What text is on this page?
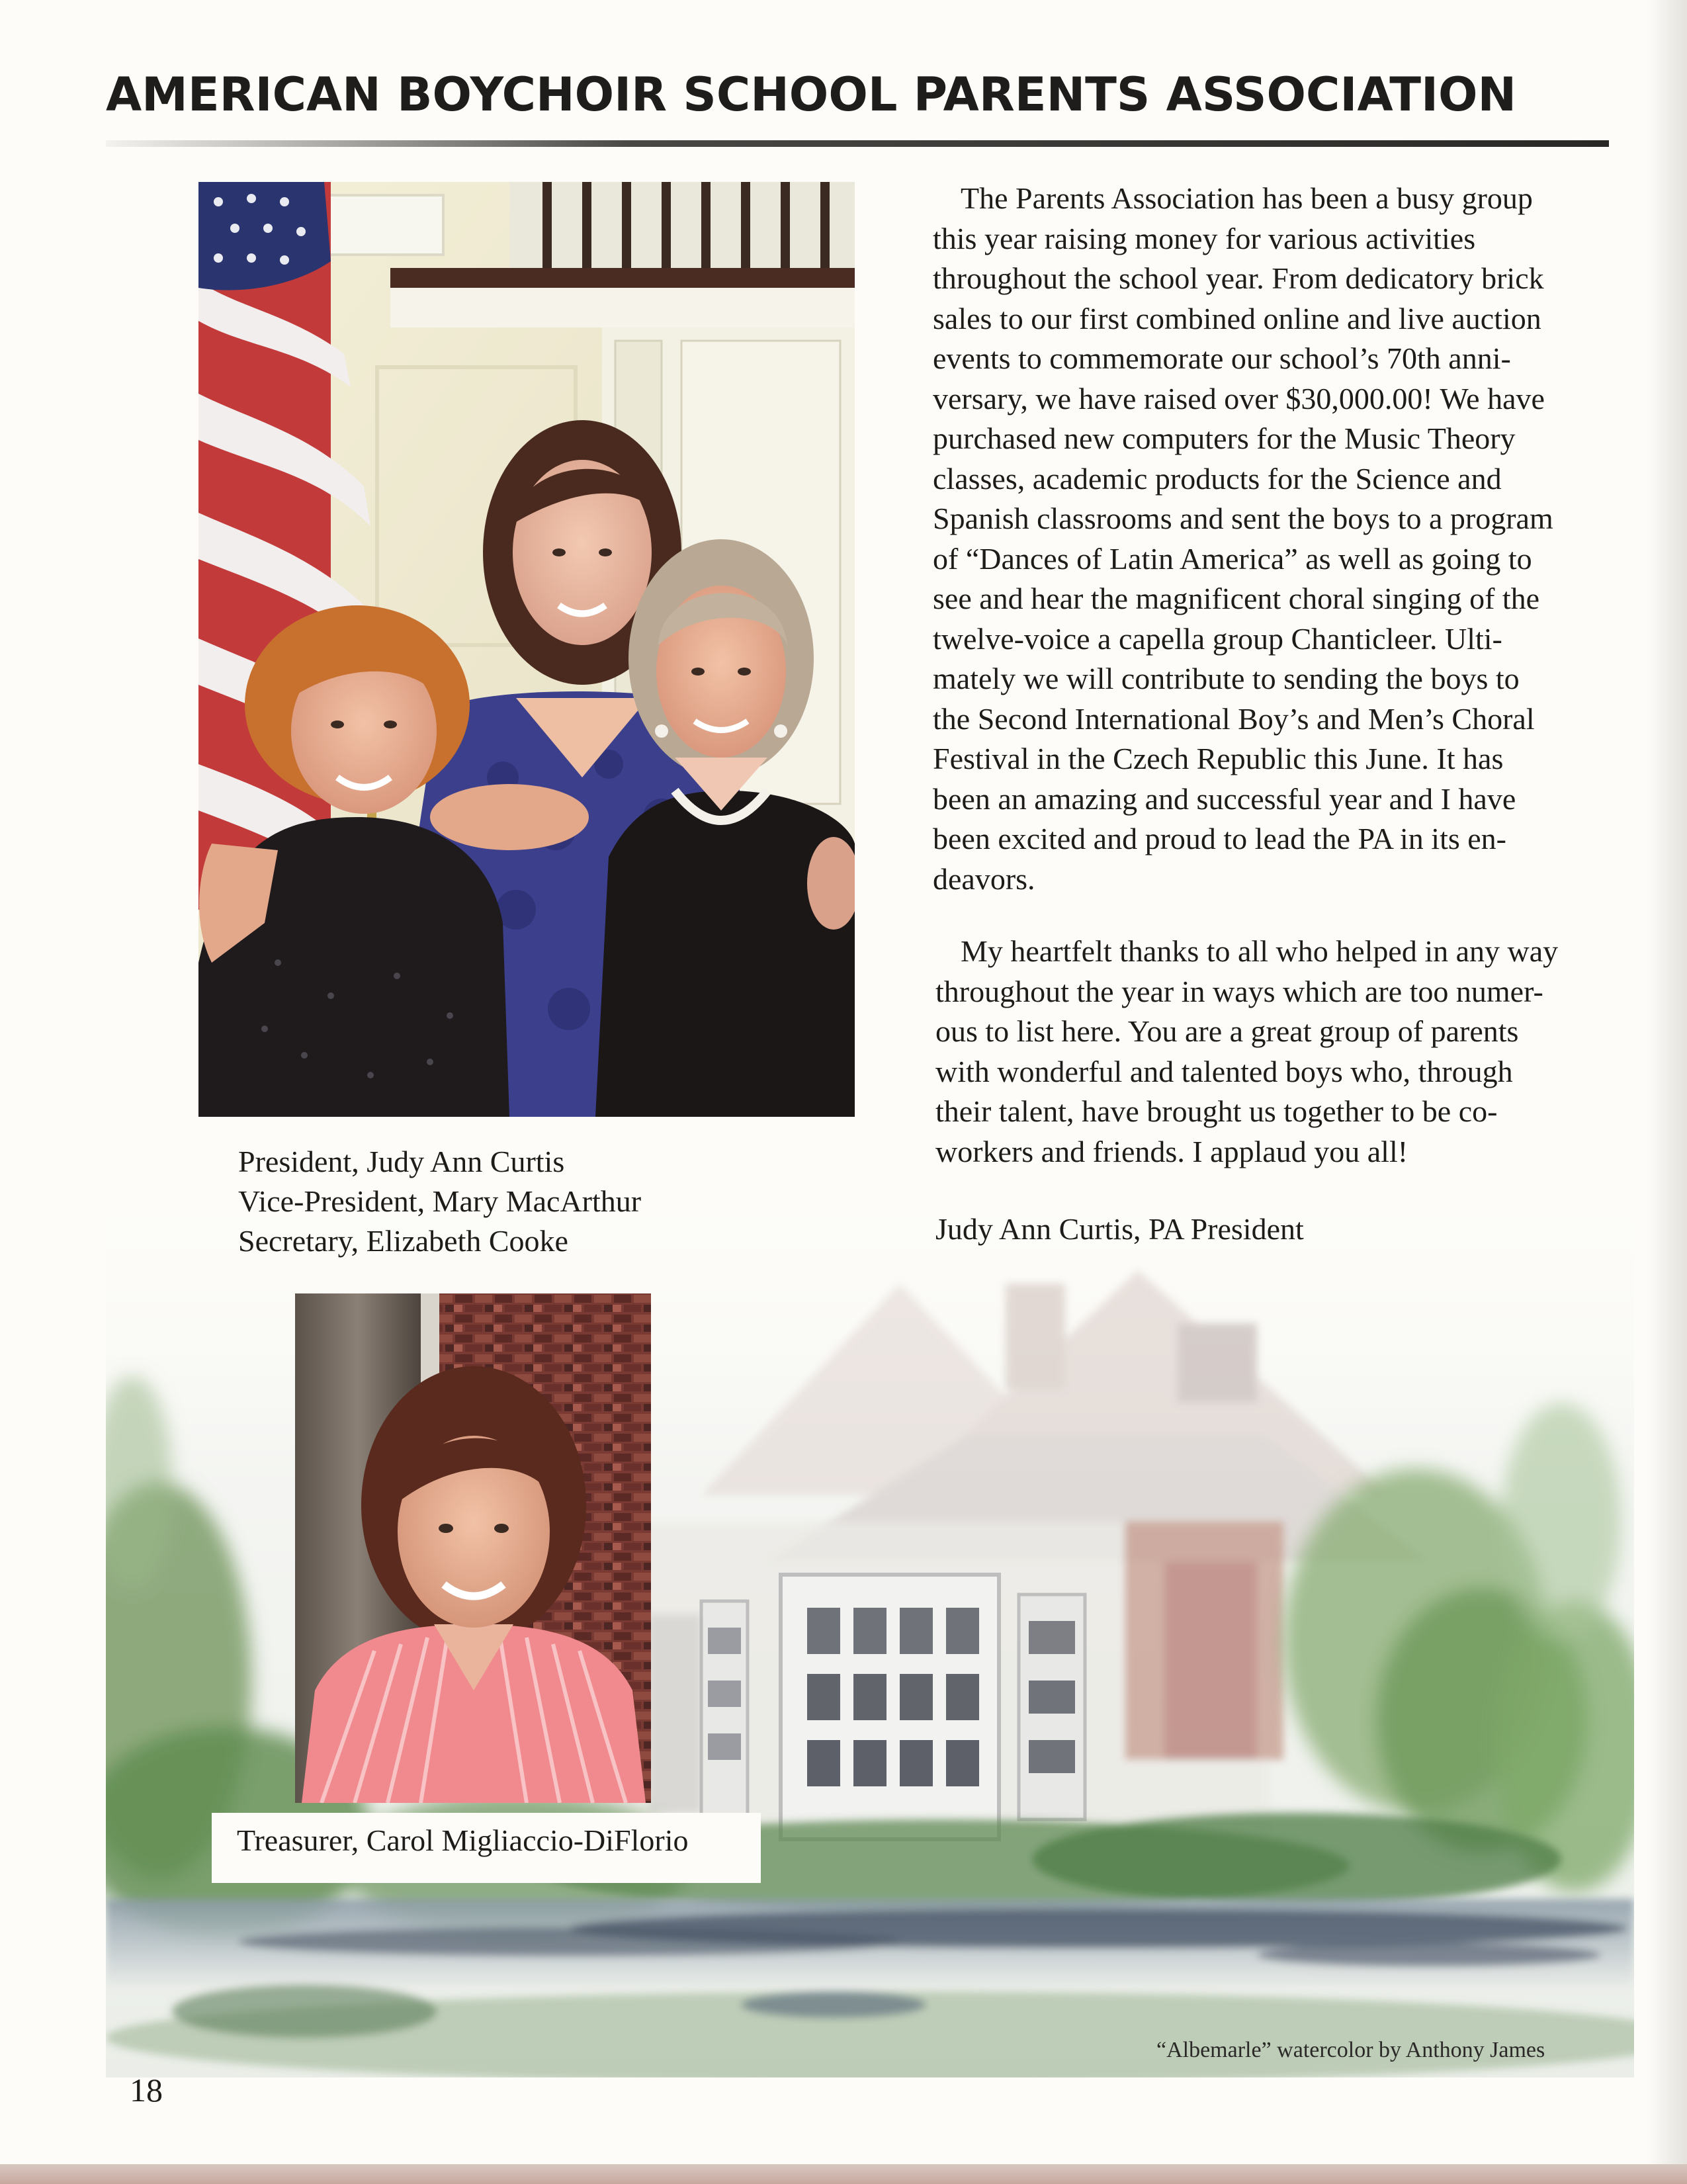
AMERICAN BOYCHOIR SCHOOL PARENTS ASSOCIATION
President, Judy Ann Curtis
Vice-President, Mary MacArthur
Secretary, Elizabeth Cooke
The Parents Association has been a busy group
this year raising money for various activities
throughout the school year. From dedicatory brick
sales to our first combined online and live auction
events to commemorate our school’s 70th anni-
versary, we have raised over $30,000.00! We have
purchased new computers for the Music Theory
classes, academic products for the Science and
Spanish classrooms and sent the boys to a program
of “Dances of Latin America” as well as going to
see and hear the magnificent choral singing of the
twelve-voice a capella group Chanticleer. Ulti-
mately we will contribute to sending the boys to
the Second International Boy’s and Men’s Choral
Festival in the Czech Republic this June. It has
been an amazing and successful year and I have
been excited and proud to lead the PA in its en-
deavors.
My heartfelt thanks to all who helped in any way
throughout the year in ways which are too numer-
ous to list here. You are a great group of parents
with wonderful and talented boys who, through
their talent, have brought us together to be co-
workers and friends. I applaud you all!
Judy Ann Curtis, PA President
Treasurer, Carol Migliaccio-DiFlorio
“Albemarle” watercolor by Anthony James
18
